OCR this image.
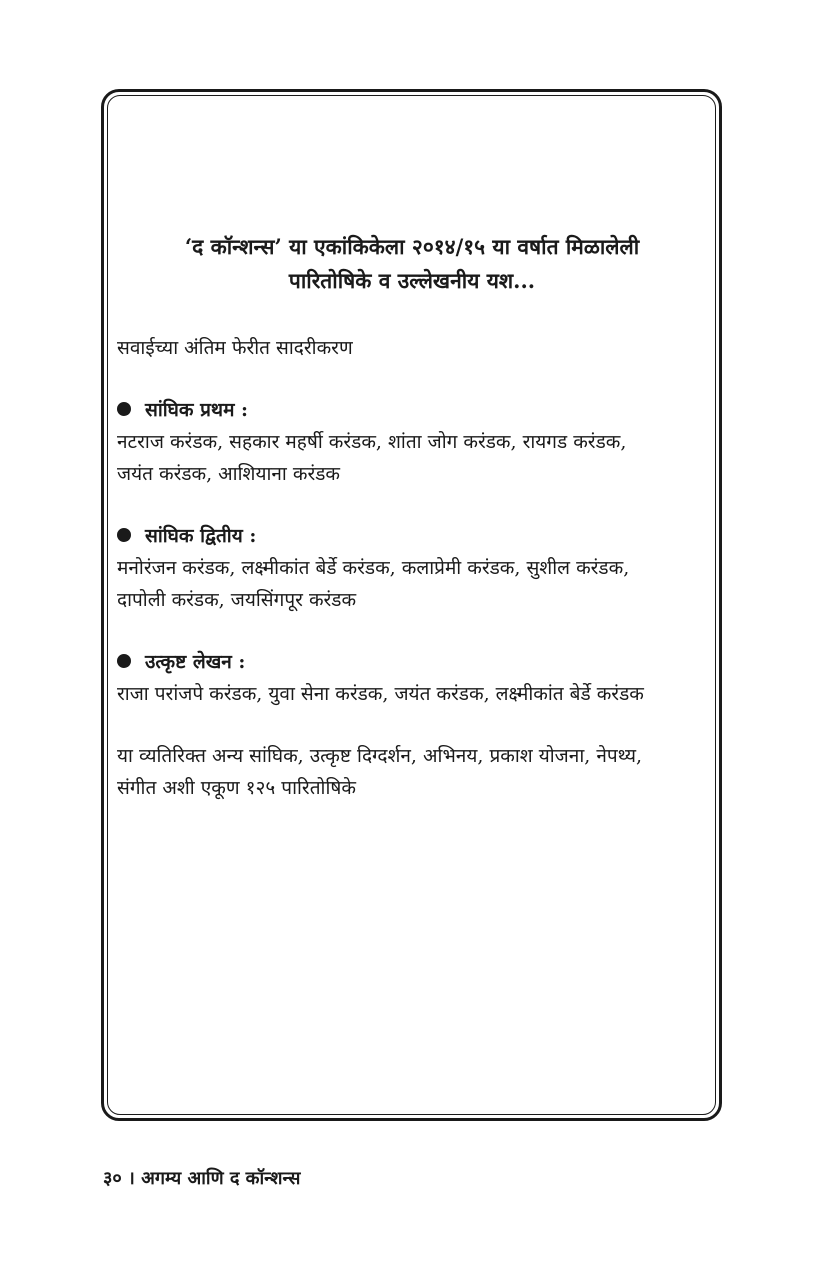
‘द कॉन्शन्स’ या एकांकिकेला २०१४/१५ या वर्षात मिळालेली
पारितोषिके व उल्लेखनीय यश...

सवाईच्या अंतिम फेरीत सादरीकरण

सांघिक प्रथम :

नटराज करंडक, सहकार महर्षी करंडक, शांता जोग करंडक, रायगड करंडक,

जयंत करंडक, आशियाना करंडक

सांघिक द्वितीय :

मनोरंजन करंडक, लक्ष्मीकांत बेर्डे करंडक, कलाप्रेमी करंडक, सुशील करंडक,

दापोली करंडक, जयसिंगपूर करंडक

उत्कृष्ट लेखन :

राजा परांजपे करंडक, युवा सेना करंडक, जयंत करंडक, लक्ष्मीकांत बेर्डे करंडक

या व्यतिरिक्त अन्य सांघिक, उत्कृष्ट दिग्दर्शन, अभिनय, प्रकाश योजना, नेपथ्य,

संगीत अशी एकूण १२५ पारितोषिके

३० । अगम्य आणि द कॉन्शन्स
